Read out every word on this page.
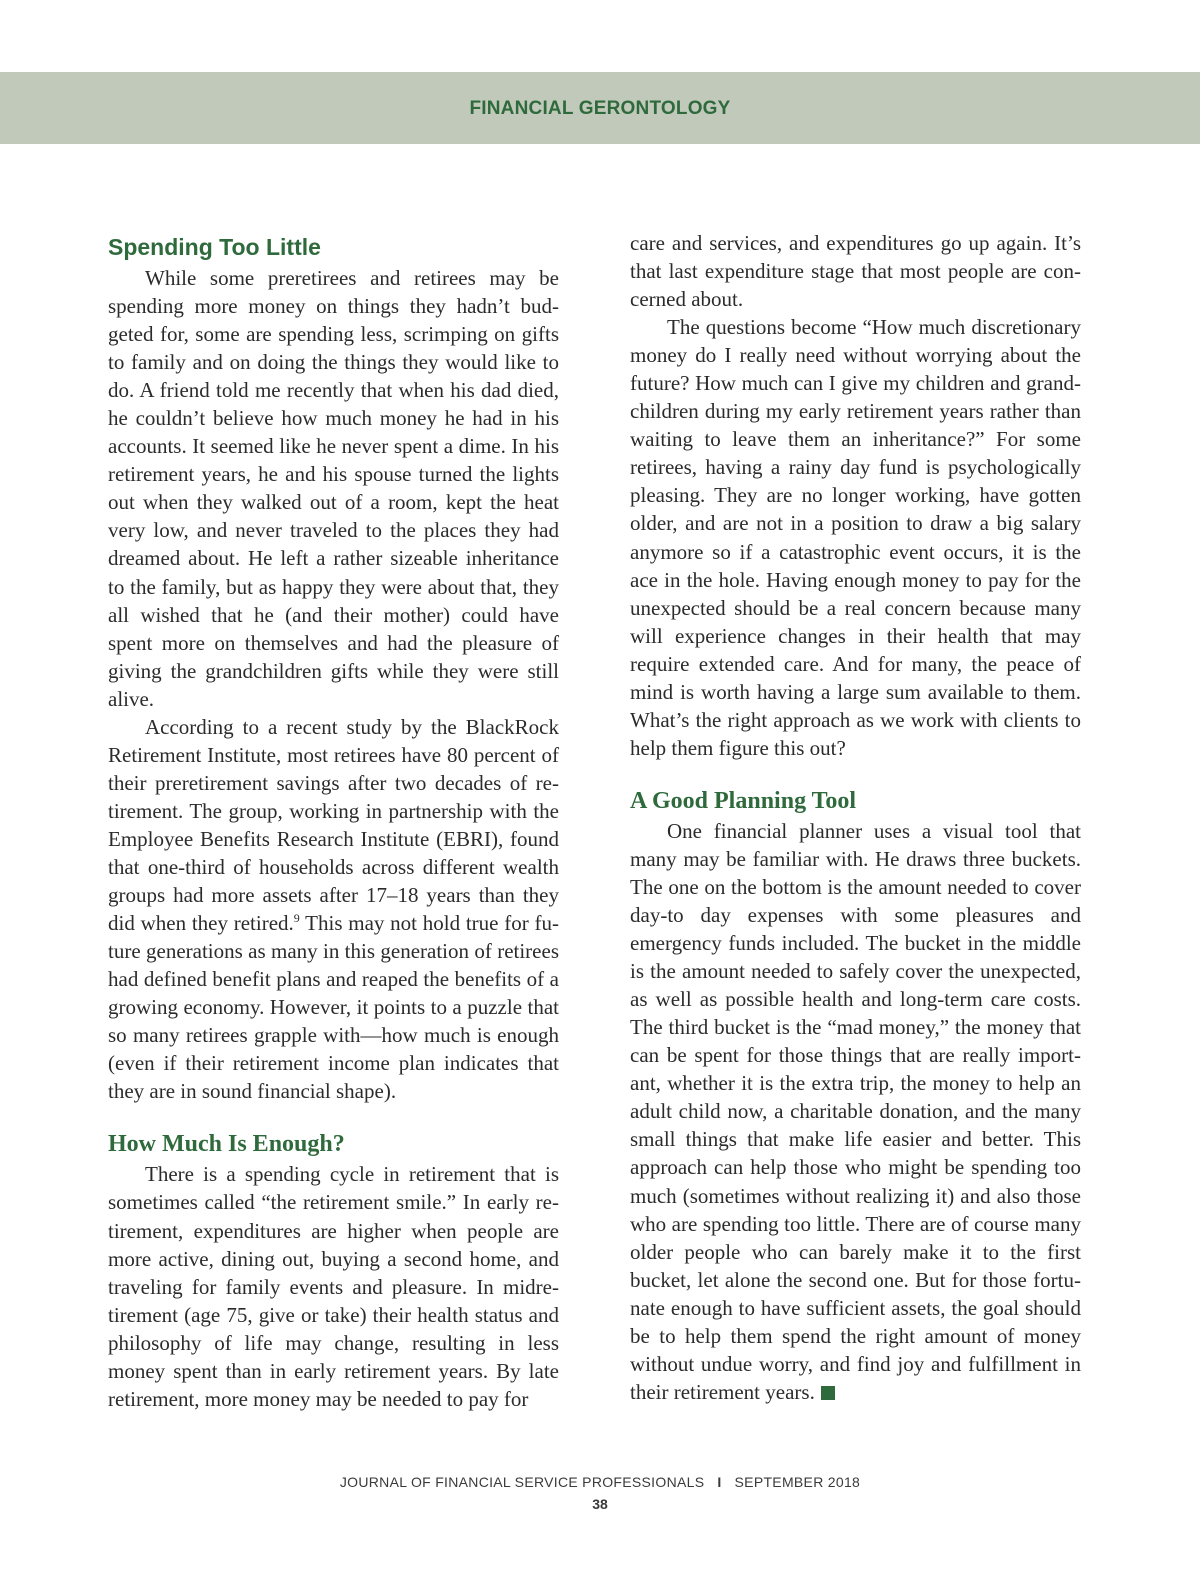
FINANCIAL GERONTOLOGY
Spending Too Little

While some preretirees and retirees may be spending more money on things they hadn’t budgeted for, some are spending less, scrimping on gifts to family and on doing the things they would like to do. A friend told me recently that when his dad died, he couldn’t believe how much money he had in his accounts. It seemed like he never spent a dime. In his retirement years, he and his spouse turned the lights out when they walked out of a room, kept the heat very low, and never traveled to the places they had dreamed about. He left a rather sizeable inheritance to the family, but as happy they were about that, they all wished that he (and their mother) could have spent more on themselves and had the pleasure of giving the grandchildren gifts while they were still alive.

According to a recent study by the BlackRock Retirement Institute, most retirees have 80 percent of their preretirement savings after two decades of retirement. The group, working in partnership with the Employee Benefits Research Institute (EBRI), found that one-third of households across different wealth groups had more assets after 17–18 years than they did when they retired.$^9$ This may not hold true for future generations as many in this generation of retirees had defined benefit plans and reaped the benefits of a growing economy. However, it points to a puzzle that so many retirees grapple with—how much is enough (even if their retirement income plan indicates that they are in sound financial shape).

How Much Is Enough?

There is a spending cycle in retirement that is sometimes called “the retirement smile.” In early retirement, expenditures are higher when people are more active, dining out, buying a second home, and traveling for family events and pleasure. In midretirement (age 75, give or take) their health status and philosophy of life may change, resulting in less money spent than in early retirement years. By late retirement, more money may be needed to pay for

care and services, and expenditures go up again. It’s that last expenditure stage that most people are concerned about.

The questions become “How much discretionary money do I really need without worrying about the future? How much can I give my children and grandchildren during my early retirement years rather than waiting to leave them an inheritance?” For some retirees, having a rainy day fund is psychologically pleasing. They are no longer working, have gotten older, and are not in a position to draw a big salary anymore so if a catastrophic event occurs, it is the ace in the hole. Having enough money to pay for the unexpected should be a real concern because many will experience changes in their health that may require extended care. And for many, the peace of mind is worth having a large sum available to them. What’s the right approach as we work with clients to help them figure this out?

A Good Planning Tool

One financial planner uses a visual tool that many may be familiar with. He draws three buckets. The one on the bottom is the amount needed to cover day-to day expenses with some pleasures and emergency funds included. The bucket in the middle is the amount needed to safely cover the unexpected, as well as possible health and long-term care costs. The third bucket is the “mad money,” the money that can be spent for those things that are really important, whether it is the extra trip, the money to help an adult child now, a charitable donation, and the many small things that make life easier and better. This approach can help those who might be spending too much (sometimes without realizing it) and also those who are spending too little. There are of course many older people who can barely make it to the first bucket, let alone the second one. But for those fortunate enough to have sufficient assets, the goal should be to help them spend the right amount of money without undue worry, and find joy and fulfillment in their retirement years.

JOURNAL OF FINANCIAL SERVICE PROFESSIONALS I SEPTEMBER 2018
38
